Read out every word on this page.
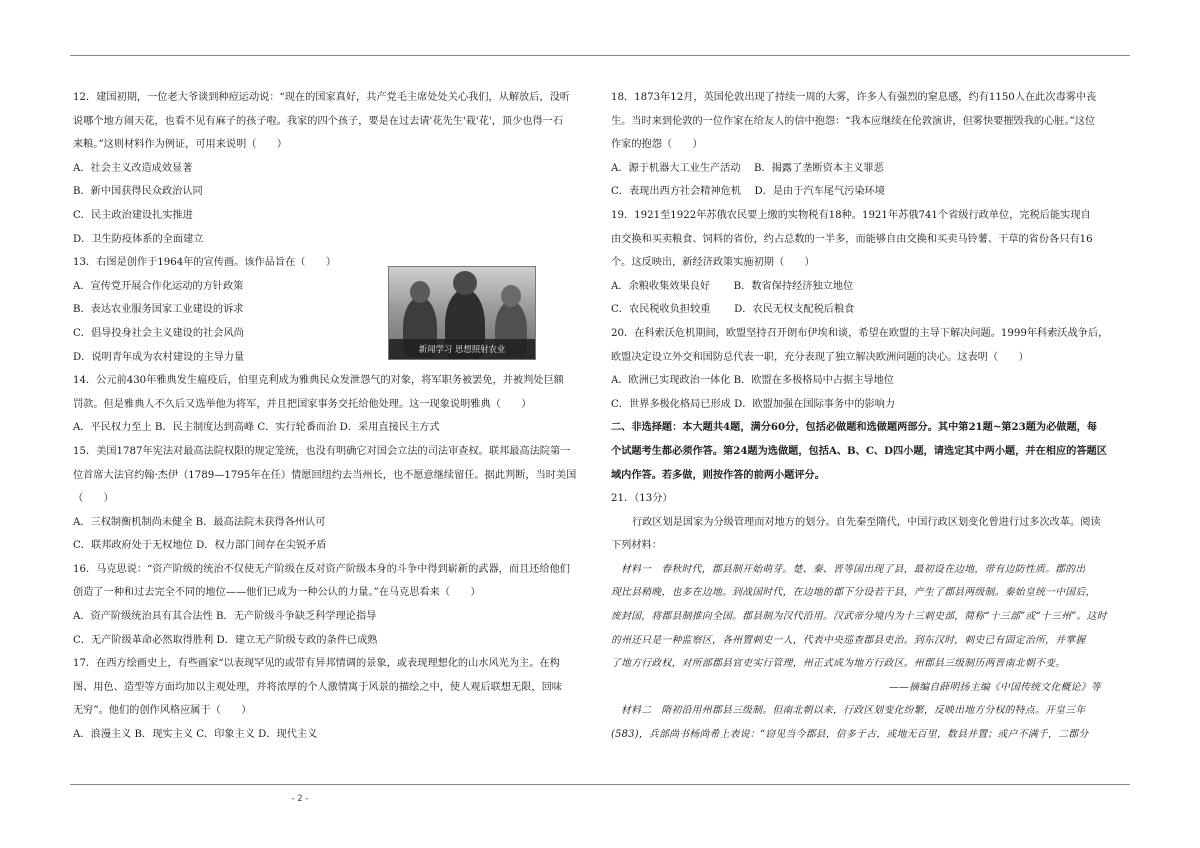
12．建国初期，一位老大爷谈到种痘运动说：“现在的国家真好，共产党毛主席处处关心我们，从解放后，没听
说哪个地方闹天花，也看不见有麻子的孩子啦。我家的四个孩子，要是在过去请'花先生'栽'花'，顶少也得一石
来粮。”这则材料作为例证，可用来说明（　　）
A．社会主义改造成效显著
B．新中国获得民众政治认同
C．民主政治建设扎实推进
D．卫生防疫体系的全面建立
13．右图是创作于1964年的宣传画。该作品旨在（　　）
A．宣传党开展合作化运动的方针政策
B．表达农业服务国家工业建设的诉求
C．倡导投身社会主义建设的社会风尚
D．说明青年成为农村建设的主导力量
14．公元前430年雅典发生瘟疫后，伯里克利成为雅典民众发泄怨气的对象，将军职务被罢免，并被判处巨额
罚款。但是雅典人不久后又选举他为将军，并且把国家事务交托给他处理。这一现象说明雅典（　　）
A．平民权力至上 B．民主制度达到高峰 C．实行轮番而治 D．采用直接民主方式
15．美国1787年宪法对最高法院权限的规定笼统，也没有明确它对国会立法的司法审查权。联邦最高法院第一
位首席大法官约翰·杰伊（1789—1795年在任）情愿回纽约去当州长，也不愿意继续留任。据此判断，当时美国
（　　）
A．三权制衡机制尚未健全 B．最高法院未获得各州认可
C．联邦政府处于无权地位 D．权力部门间存在尖锐矛盾
16．马克思说：“资产阶级的统治不仅使无产阶级在反对资产阶级本身的斗争中得到崭新的武器，而且还给他们
创造了一种和过去完全不同的地位——他们已成为一种公认的力量。”在马克思看来（　　）
A．资产阶级统治具有其合法性 B．无产阶级斗争缺乏科学理论指导
C．无产阶级革命必然取得胜利 D．建立无产阶级专政的条件已成熟
17．在西方绘画史上，有些画家“以表现罕见的或带有异邦情调的景象，或表现理想化的山水风光为主。在构
图、用色、造型等方面均加以主观处理，并将浓厚的个人激情寓于风景的描绘之中，使人观后联想无限，回味
无穷”。他们的创作风格应属于（　　）
A．浪漫主义 B．现实主义 C．印象主义 D．现代主义
新闻学习 思想照射农业
18．1873年12月，英国伦敦出现了持续一周的大雾，许多人有强烈的窒息感，约有1150人在此次毒雾中丧
生。当时来到伦敦的一位作家在给友人的信中抱怨：“我本应继续在伦敦演讲，但雾快要摧毁我的心脏。”这位
作家的抱怨（　　）
A．源于机器大工业生产活动　 B．揭露了垄断资本主义罪恶
C．表现出西方社会精神危机　 D．是由于汽车尾气污染环境
19．1921至1922年苏俄农民要上缴的实物税有18种。1921年苏俄741个省级行政单位，完税后能实现自
由交换和买卖粮食、饲料的省份，约占总数的一半多，而能够自由交换和买卖马铃薯、干草的省份各只有16
个。这反映出，新经济政策实施初期（　　）
A．余粮收集效果良好　　 B．数省保持经济独立地位
C．农民税收负担较重　　 D．农民无权支配税后粮食
20．在科索沃危机期间，欧盟坚持召开朗布伊埃和谈，希望在欧盟的主导下解决问题。1999年科索沃战争后，
欧盟决定设立外交和国防总代表一职，充分表现了独立解决欧洲问题的决心。这表明（　　）
A．欧洲已实现政治一体化 B．欧盟在多极格局中占据主导地位
C．世界多极化格局已形成 D．欧盟加强在国际事务中的影响力
二、非选择题：本大题共4题，满分60分，包括必做题和选做题两部分。其中第21题~第23题为必做题，每
个试题考生都必须作答。第24题为选做题，包括A、B、C、D四小题，请选定其中两小题，并在相应的答题区
域内作答。若多做，则按作答的前两小题评分。
21．（13分）
行政区划是国家为分级管理而对地方的划分。自先秦至隋代，中国行政区划变化曾进行过多次改革。阅读
下列材料：
材料一　春秋时代，郡县制开始萌芽。楚、秦、晋等国出现了县，最初设在边地，带有边防性质。郡的出
现比县稍晚，也多在边地。到战国时代，在边地的郡下分设若干县，产生了郡县两级制。秦始皇统一中国后，
废封国，将郡县制推向全国。郡县制为汉代沿用。汉武帝分境内为十三刺史部，简称“十三部”或“十三州”。这时
的州还只是一种监察区，各州置刺史一人，代表中央巡查郡县吏治。到东汉时，刺史已有固定治所，并掌握
了地方行政权，对所部郡县官吏实行管理，州正式成为地方行政区。州郡县三级制历两晋南北朝不变。
——摘编自薛明扬主编《中国传统文化概论》等
材料二　隋初沿用州郡县三级制。但南北朝以来，行政区划变化纷繁，反映出地方分权的特点。开皇三年
(583)，兵部尚书杨尚希上表说：“窃见当今郡县，倍多于古，或地无百里，数县并置；或户不满千，二郡分
- 2 -
